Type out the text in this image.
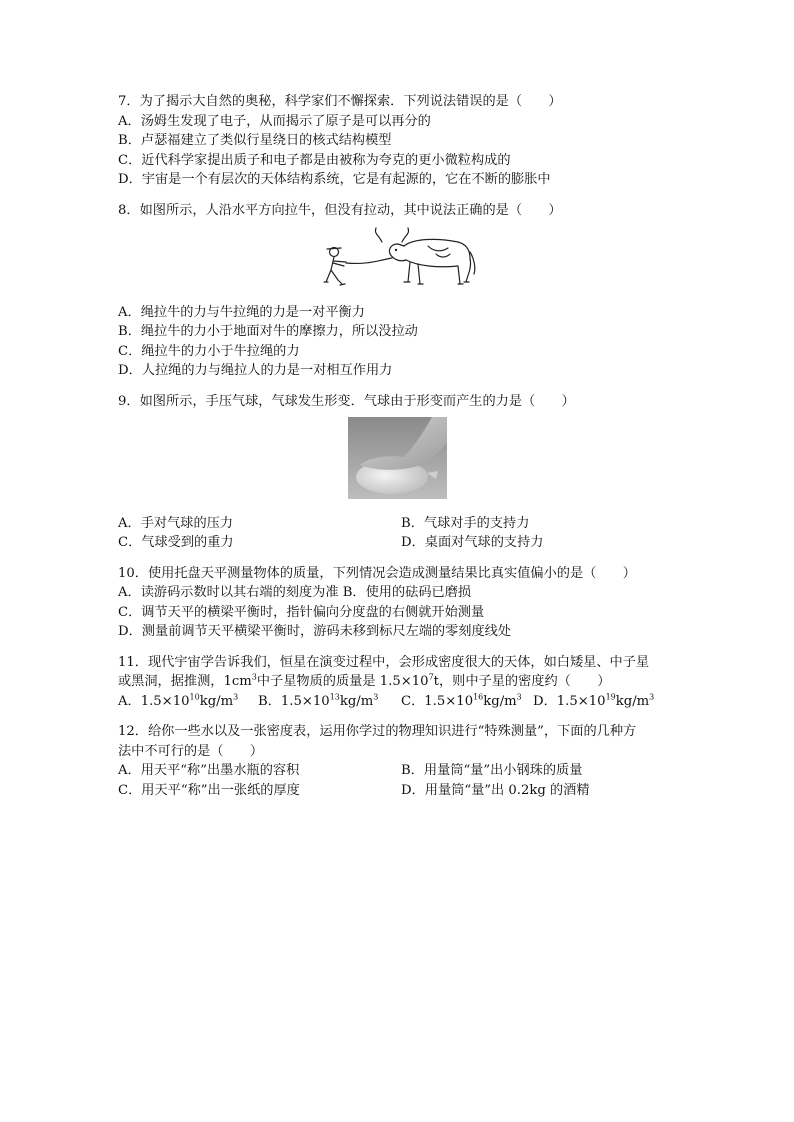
7．为了揭示大自然的奥秘，科学家们不懈探索．下列说法错误的是（　　）
A．汤姆生发现了电子，从而揭示了原子是可以再分的
B．卢瑟福建立了类似行星绕日的核式结构模型
C．近代科学家提出质子和电子都是由被称为夸克的更小微粒构成的
D．宇宙是一个有层次的天体结构系统，它是有起源的，它在不断的膨胀中
8．如图所示，人沿水平方向拉牛，但没有拉动，其中说法正确的是（　　）
A．绳拉牛的力与牛拉绳的力是一对平衡力
B．绳拉牛的力小于地面对牛的摩擦力，所以没拉动
C．绳拉牛的力小于牛拉绳的力
D．人拉绳的力与绳拉人的力是一对相互作用力
9．如图所示，手压气球，气球发生形变．气球由于形变而产生的力是（　　）
A．手对气球的压力	B．气球对手的支持力
C．气球受到的重力	D．桌面对气球的支持力
10．使用托盘天平测量物体的质量，下列情况会造成测量结果比真实值偏小的是（　　）
A．读游码示数时以其右端的刻度为准 B．使用的砝码已磨损
C．调节天平的横梁平衡时，指针偏向分度盘的右侧就开始测量
D．测量前调节天平横梁平衡时，游码未移到标尺左端的零刻度线处
11．现代宇宙学告诉我们，恒星在演变过程中，会形成密度很大的天体，如白矮星、中子星
或黑洞，据推测，$1cm^3$中子星物质的质量是 $1.5\times 10^7t$，则中子星的密度约（　　）
A．$1.5\times 10^{10}kg/m^3$	B．$1.5\times 10^{13}kg/m^3$	C．$1.5\times 10^{16}kg/m^3$ D．$1.5\times 10^{19}kg/m^3$
12．给你一些水以及一张密度表，运用你学过的物理知识进行“特殊测量”，下面的几种方
法中不可行的是（　　）
A．用天平“称”出墨水瓶的容积	B．用量筒“量”出小钢珠的质量
C．用天平“称”出一张纸的厚度	D．用量筒“量”出 0.2kg 的酒精
